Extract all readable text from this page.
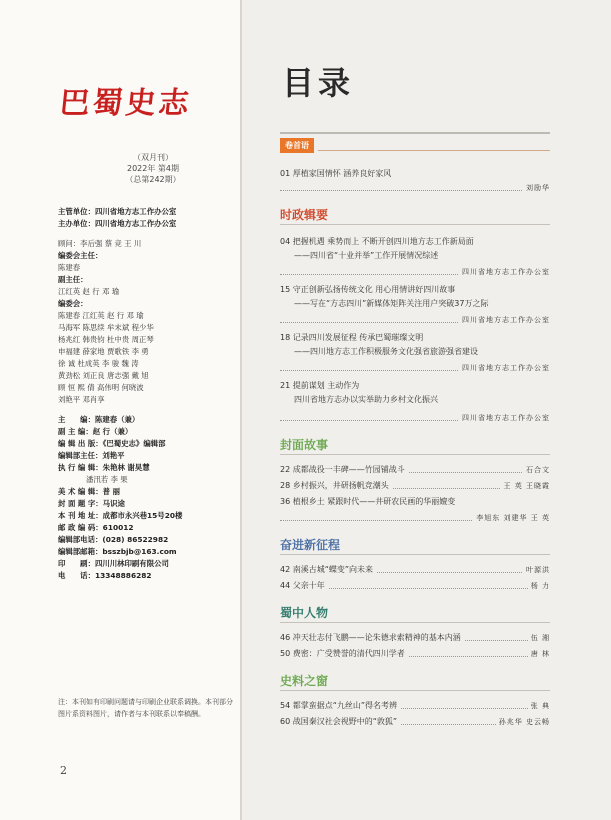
巴蜀史志
（双月刊）
2022年 第4期
（总第242期）
主管单位：四川省地方志工作办公室
主办单位：四川省地方志工作办公室
顾问：李后强 蔡 竞 王 川
编委会主任：
陈建春
副主任：
江红英 赵 行 邓 瑜
编委会：
陈建春 江红英 赵 行 邓 瑜
马海军 陈思续 牟末斌 程少华
杨兆红 韩贵钧 杜中贵 周正琴
申福建 薛家地 贾歌铁 李 勇
徐 诚 杜成英 李 骏 魏 涛
黄劲松 刘正良 唐志强 戴 旭
顾 恒 熙 倩 高伟明 何晓波
刘艳平 邓肖享
主　　编：陈建春（兼）
副 主 编：赵 行（兼）
编 辑 出 版：《巴蜀史志》编辑部
编辑部主任：刘艳平
执 行 编 辑：朱艳林 谢昊慧
潘汛若 李 果
美 术 编 辑：普 丽
封 面 题 字：马识途
本 刊 地 址：成都市永兴巷15号20楼
邮 政 编 码：610012
编辑部电话：(028) 86522982
编辑部邮箱：bsszbjb@163.com
印　　刷：四川川林印刷有限公司
电　　话：13348886282
注：本刊如有印刷问题请与印刷企业联系调换。本刊部分图片系资料图片，请作者与本刊联系以奉稿酬。
2
目录
卷首语
01 厚植家国情怀 涵养良好家风
刘励华
时政辑要
04 把握机遇 乘势而上 不断开创四川地方志工作新局面
——四川省“十业并举”工作开展情况综述
四川省地方志工作办公室
15 守正创新弘扬传统文化 用心用情讲好四川故事
——写在“方志四川”新媒体矩阵关注用户突破37万之际
四川省地方志工作办公室
18 记录四川发展征程 传承巴蜀璀璨文明
——四川地方志工作积极服务文化强省旅游强省建设
四川省地方志工作办公室
21 提前谋划 主动作为
四川省地方志办以实举助力乡村文化振兴
四川省地方志工作办公室
封面故事
22 成都战役一丰碑——竹园铺战斗	石合文
28 乡村振兴，井研扬帆竞潮头	王 英 王晓霞
36 植根乡土 紧跟时代——井研农民画的华丽嬗变
李旭东 刘建华 王 英
奋进新征程
42 南溪古城“蝶变”向未来	叶源洪
44 父亲十年	杨 力
蜀中人物
46 冲天壮志付飞鹏——论朱德求索精神的基本内涵	伍 湘
50 费密：广受赞誉的清代四川学者	唐 林
史料之窗
54 都掌蛮据点“九丝山”得名考辨	张 典
60 战国秦汉社会视野中的“敦狐”	孙兆华 史云畅
